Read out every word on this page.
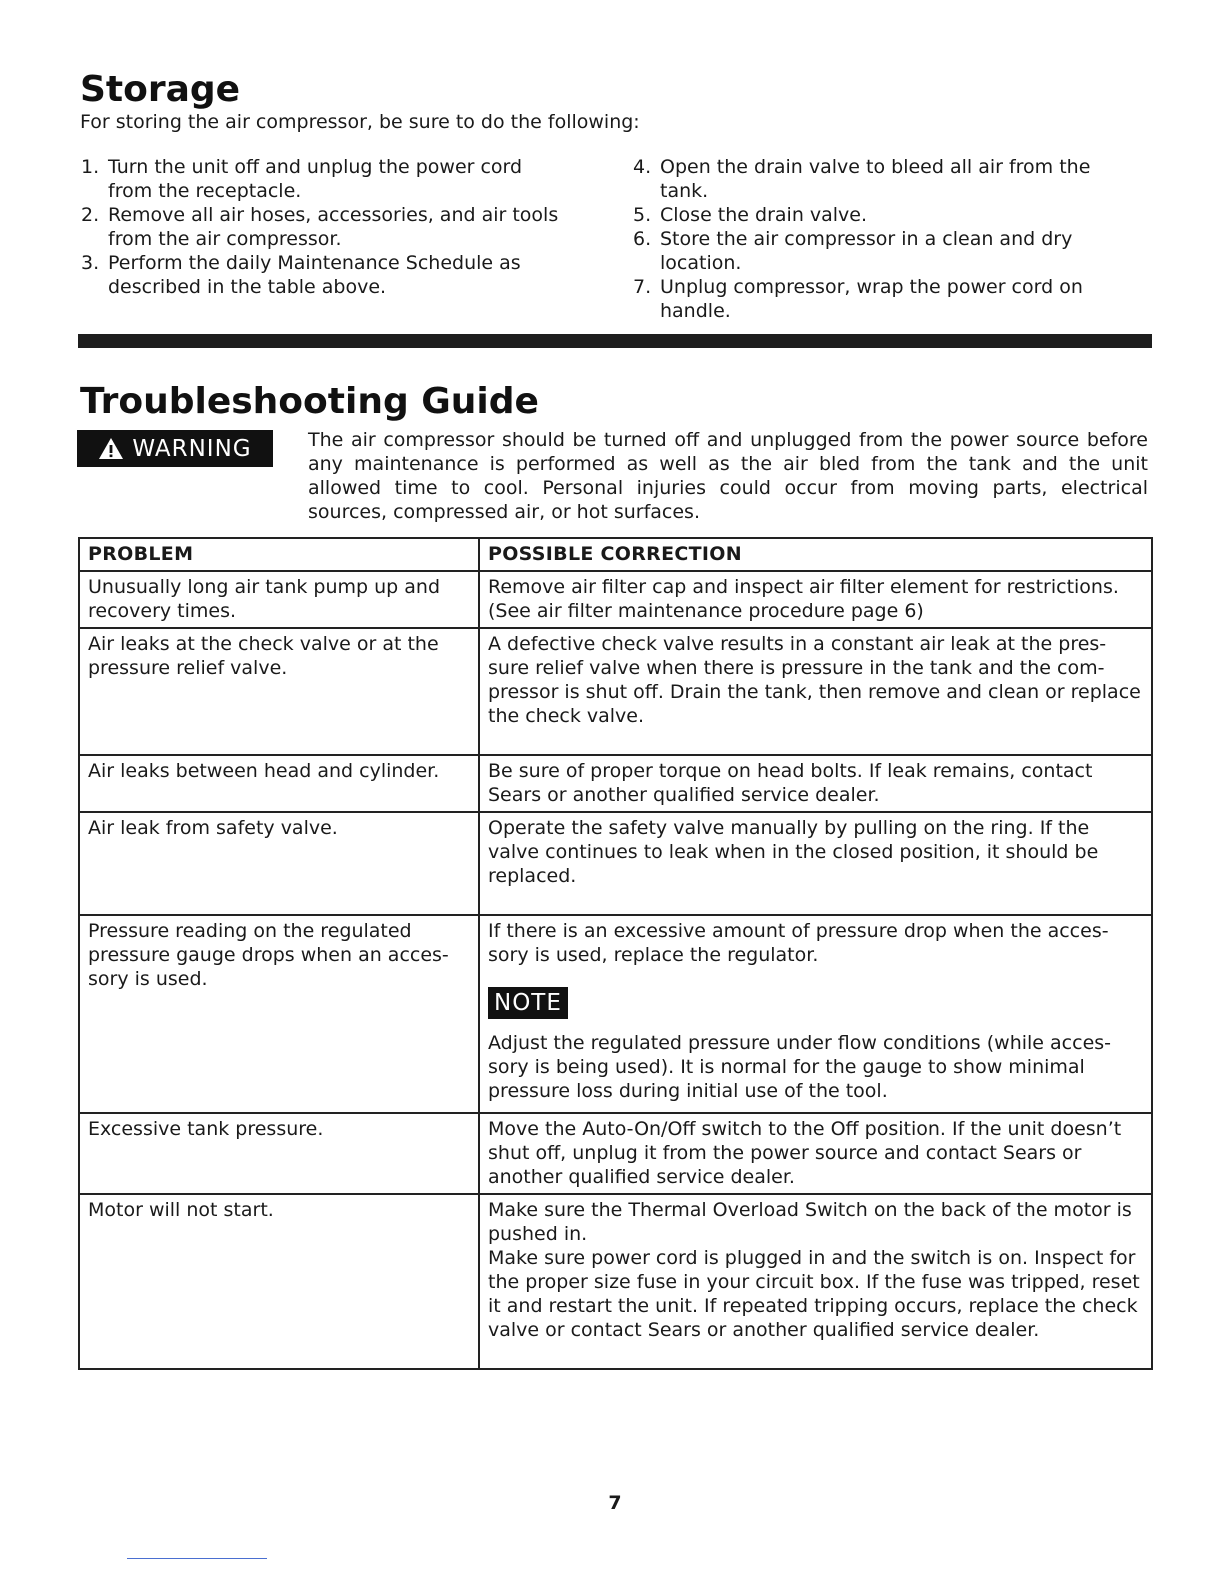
Storage

For storing the air compressor, be sure to do the following:

1. Turn the unit off and unplug the power cord from the receptacle.
2. Remove all air hoses, accessories, and air tools from the air compressor.
3. Perform the daily Maintenance Schedule as described in the table above.
4. Open the drain valve to bleed all air from the tank.
5. Close the drain valve.
6. Store the air compressor in a clean and dry location.
7. Unplug compressor, wrap the power cord on handle.
Troubleshooting Guide
WARNING	The air compressor should be turned off and unplugged from the power source before any maintenance is performed as well as the air bled from the tank and the unit allowed time to cool. Personal injuries could occur from moving parts, electrical sources, compressed air, or hot surfaces.

PROBLEM	POSSIBLE CORRECTION
Unusually long air tank pump up and recovery times.	Remove air filter cap and inspect air filter element for restrictions. (See air filter maintenance procedure page 6)
Air leaks at the check valve or at the pressure relief valve.	A defective check valve results in a constant air leak at the pres-sure relief valve when there is pressure in the tank and the com-pressor is shut off. Drain the tank, then remove and clean or replace the check valve.
Air leaks between head and cylinder.	Be sure of proper torque on head bolts. If leak remains, contact Sears or another qualified service dealer.
Air leak from safety valve.	Operate the safety valve manually by pulling on the ring. If the valve continues to leak when in the closed position, it should be replaced.
Pressure reading on the regulated pressure gauge drops when an acces-sory is used.	If there is an excessive amount of pressure drop when the acces-sory is used, replace the regulator.

NOTE

Adjust the regulated pressure under flow conditions (while acces-sory is being used). It is normal for the gauge to show minimal pressure loss during initial use of the tool.

Excessive tank pressure.	Move the Auto-On/Off switch to the Off position. If the unit doesn’t shut off, unplug it from the power source and contact Sears or another qualified service dealer.
Motor will not start.	Make sure the Thermal Overload Switch on the back of the motor is pushed in.

Make sure power cord is plugged in and the switch is on. Inspect for the proper size fuse in your circuit box. If the fuse was tripped, reset it and restart the unit. If repeated tripping occurs, replace the check valve or contact Sears or another qualified service dealer.

7
